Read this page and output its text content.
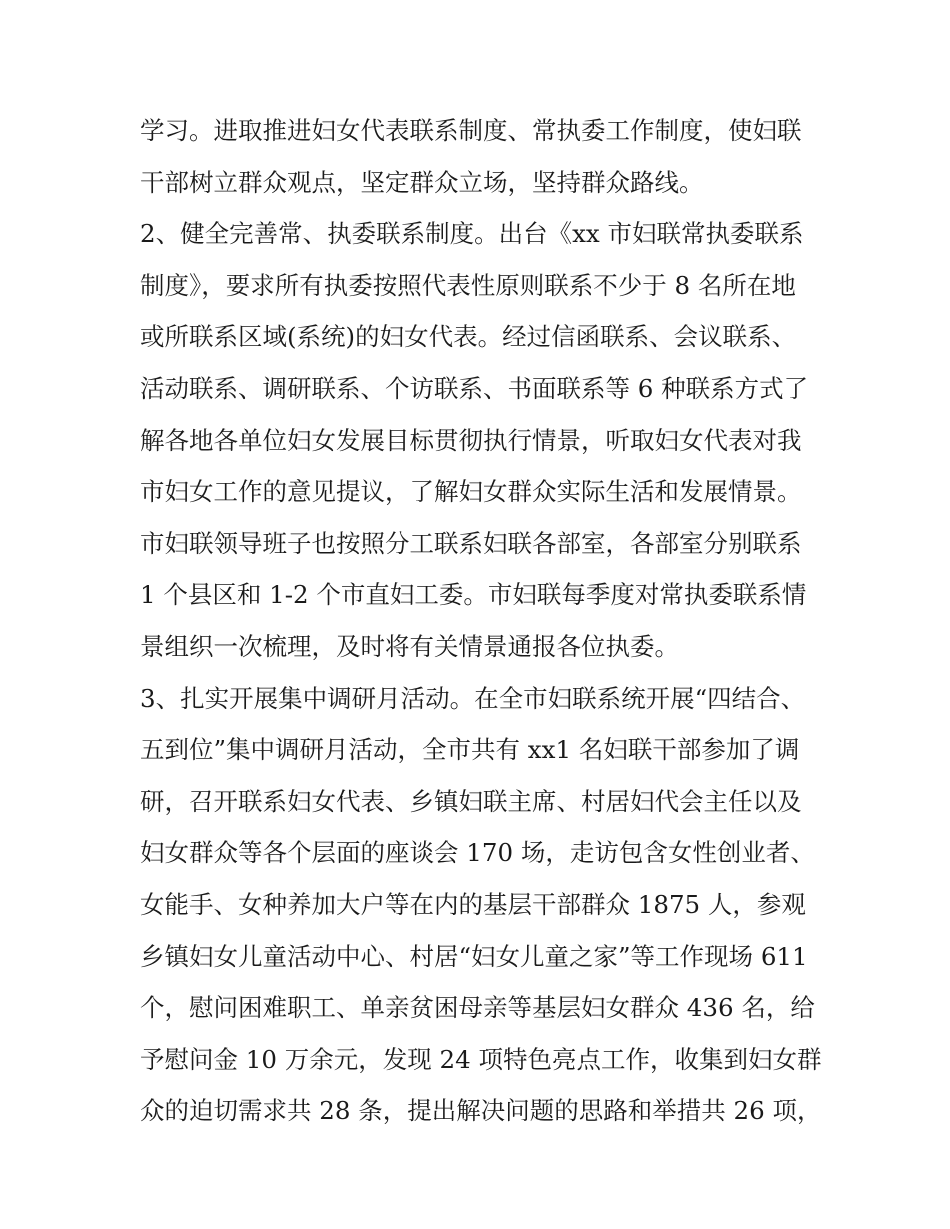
学习。进取推进妇女代表联系制度、常执委工作制度，使妇联
干部树立群众观点，坚定群众立场，坚持群众路线。
2、健全完善常、执委联系制度。出台《xx 市妇联常执委联系
制度》，要求所有执委按照代表性原则联系不少于 8 名所在地
或所联系区域(系统)的妇女代表。经过信函联系、会议联系、
活动联系、调研联系、个访联系、书面联系等 6 种联系方式了
解各地各单位妇女发展目标贯彻执行情景，听取妇女代表对我
市妇女工作的意见提议，了解妇女群众实际生活和发展情景。
市妇联领导班子也按照分工联系妇联各部室，各部室分别联系
1 个县区和 1-2 个市直妇工委。市妇联每季度对常执委联系情
景组织一次梳理，及时将有关情景通报各位执委。
3、扎实开展集中调研月活动。在全市妇联系统开展“四结合、
五到位”集中调研月活动，全市共有 xx1 名妇联干部参加了调
研，召开联系妇女代表、乡镇妇联主席、村居妇代会主任以及
妇女群众等各个层面的座谈会 170 场，走访包含女性创业者、
女能手、女种养加大户等在内的基层干部群众 1875 人，参观
乡镇妇女儿童活动中心、村居“妇女儿童之家”等工作现场 611
个，慰问困难职工、单亲贫困母亲等基层妇女群众 436 名，给
予慰问金 10 万余元，发现 24 项特色亮点工作，收集到妇女群
众的迫切需求共 28 条，提出解决问题的思路和举措共 26 项，
